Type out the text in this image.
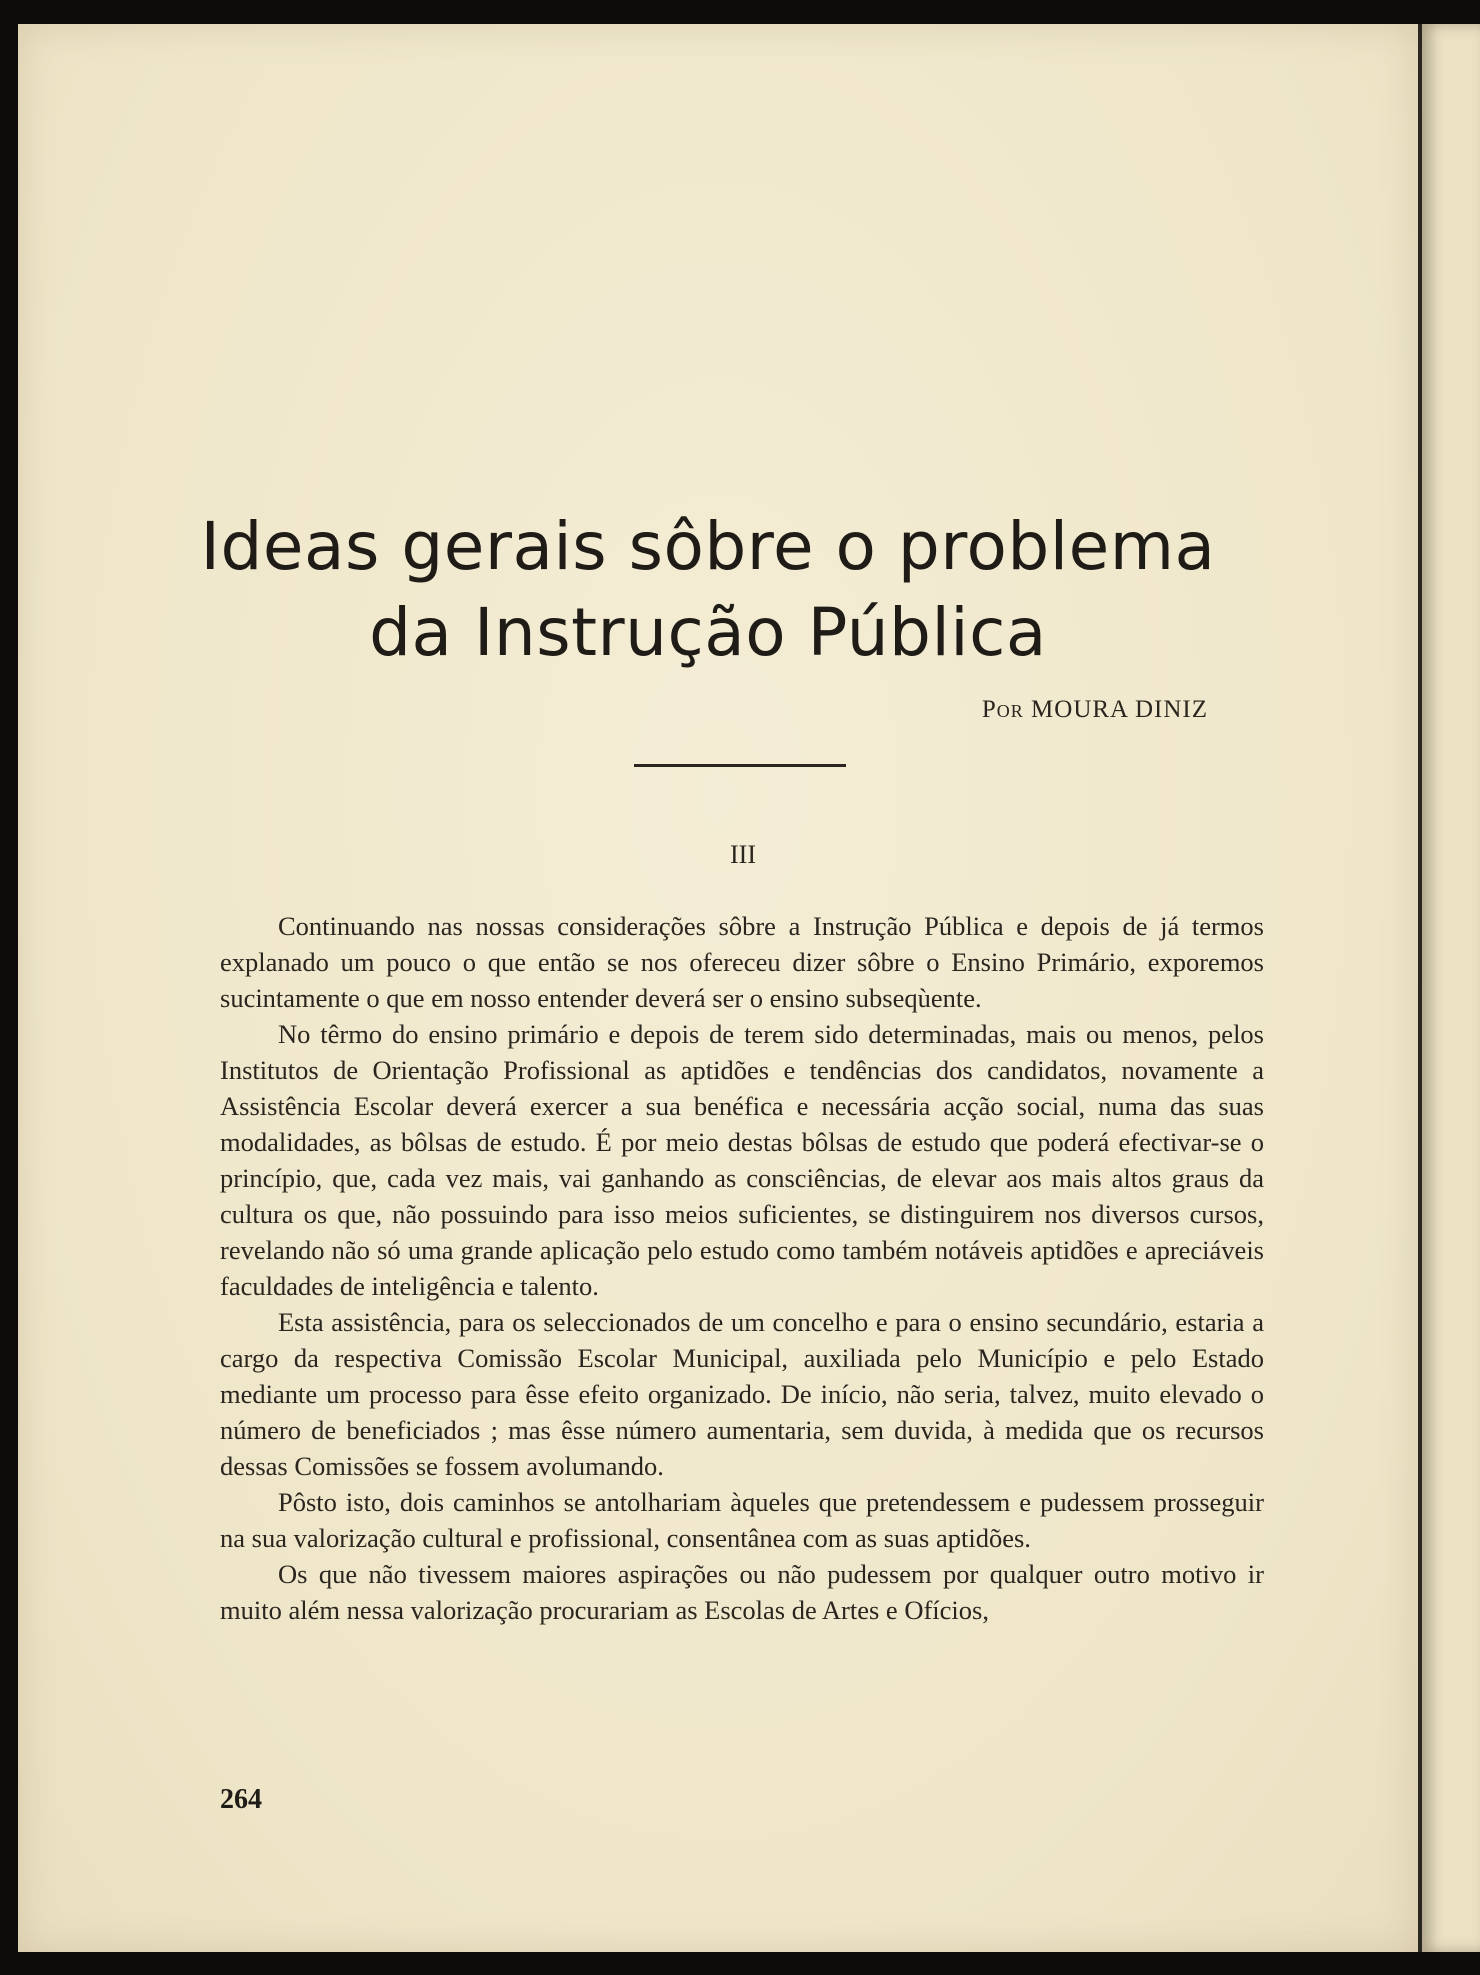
Ideas gerais sôbre o problema da Instrução Pública
Por MOURA DINIZ
III

Continuando nas nossas considerações sôbre a Instrução Pública e depois de já termos explanado um pouco o que então se nos ofereceu dizer sôbre o Ensino Primário, exporemos sucintamente o que em nosso entender deverá ser o ensino subseqùente.

No têrmo do ensino primário e depois de terem sido determinadas, mais ou menos, pelos Institutos de Orientação Profissional as aptidões e tendências dos candidatos, novamente a Assistência Escolar deverá exercer a sua benéfica e necessária acção social, numa das suas modalidades, as bôlsas de estudo. É por meio destas bôlsas de estudo que poderá efectivar-se o princípio, que, cada vez mais, vai ganhando as consciências, de elevar aos mais altos graus da cultura os que, não possuindo para isso meios suficientes, se distinguirem nos diversos cursos, revelando não só uma grande aplicação pelo estudo como também notáveis aptidões e apreciáveis faculdades de inteligência e talento.

Esta assistência, para os seleccionados de um concelho e para o ensino secundário, estaria a cargo da respectiva Comissão Escolar Municipal, auxiliada pelo Município e pelo Estado mediante um processo para êsse efeito organizado. De início, não seria, talvez, muito elevado o número de beneficiados ; mas êsse número aumentaria, sem duvida, à medida que os recursos dessas Comissões se fossem avolumando.

Pôsto isto, dois caminhos se antolhariam àqueles que pretendessem e pudessem prosseguir na sua valorização cultural e profissional, consentânea com as suas aptidões.

Os que não tivessem maiores aspirações ou não pudessem por qualquer outro motivo ir muito além nessa valorização procurariam as Escolas de Artes e Ofícios,

264
